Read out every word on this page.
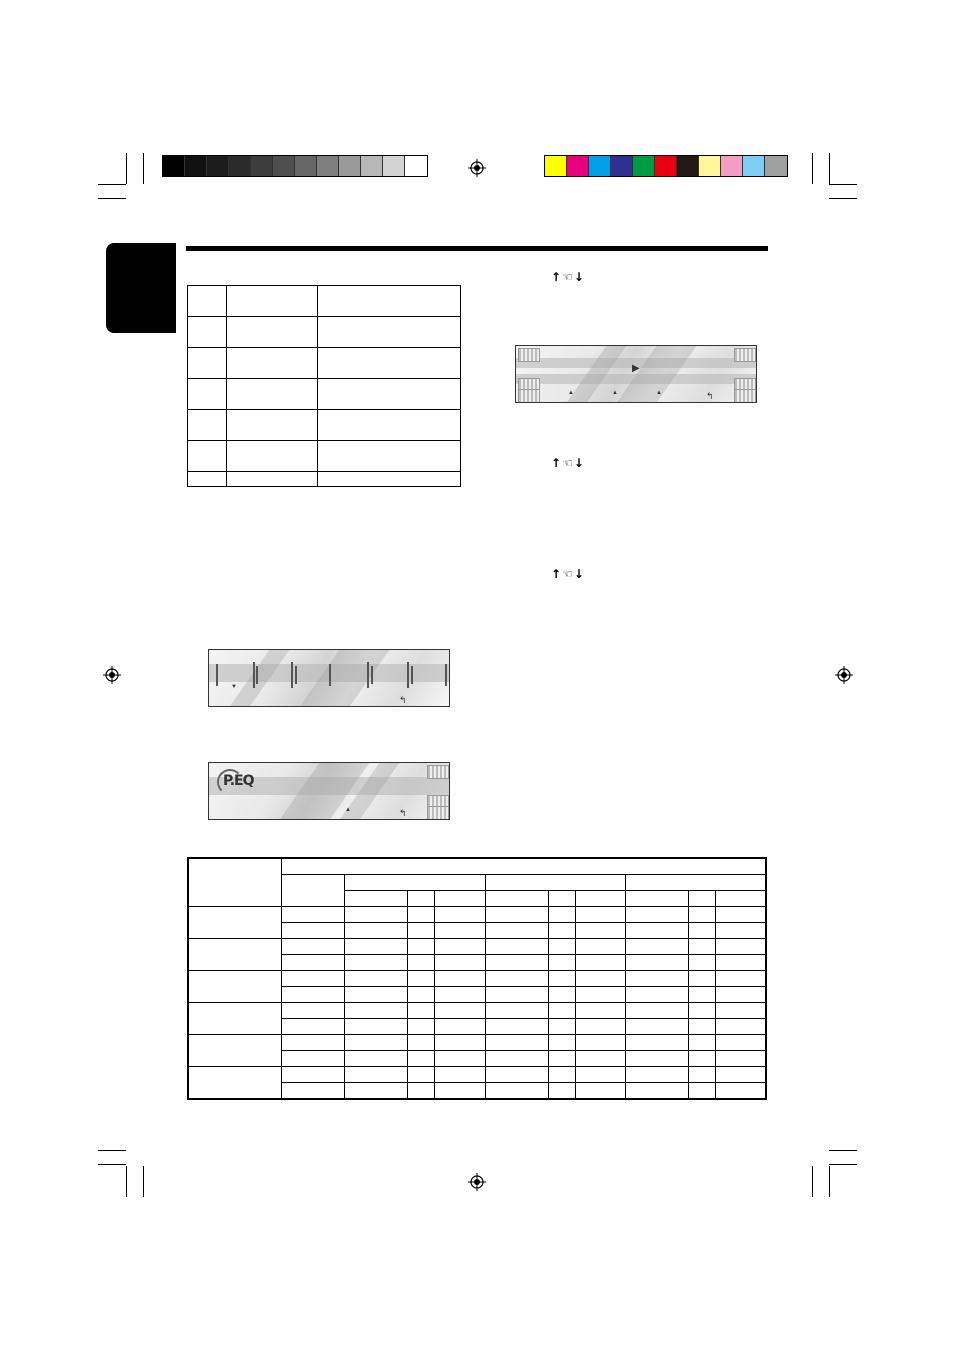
↑☜↓
↑☜↓
↑☜↓
▶
▲	▲	▲	↰
▼
↰
P.EQ
▲	↰
